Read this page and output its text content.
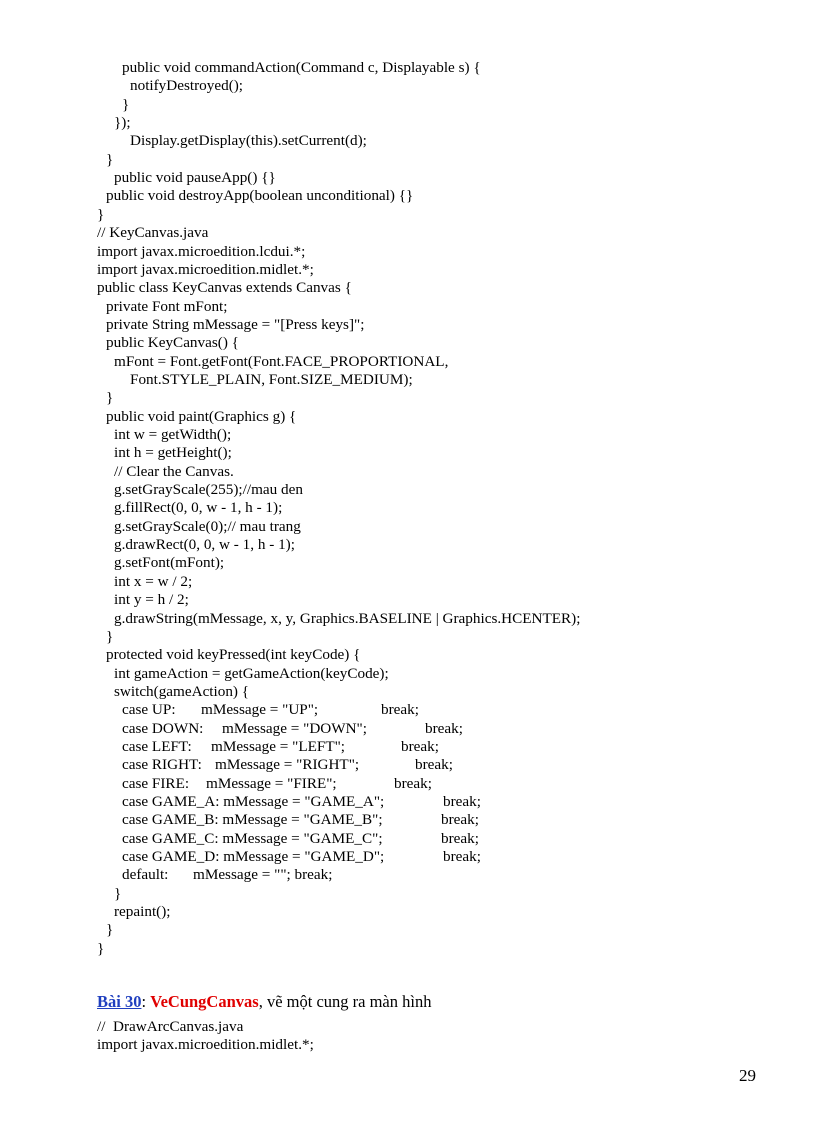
public void commandAction(Command c, Displayable s) {
notifyDestroyed();
}
});
Display.getDisplay(this).setCurrent(d);
}
public void pauseApp() {}
public void destroyApp(boolean unconditional) {}
}
// KeyCanvas.java
import javax.microedition.lcdui.*;
import javax.microedition.midlet.*;
public class KeyCanvas extends Canvas {
private Font mFont;
private String mMessage = "[Press keys]";
public KeyCanvas() {
mFont = Font.getFont(Font.FACE_PROPORTIONAL,
Font.STYLE_PLAIN, Font.SIZE_MEDIUM);
}
public void paint(Graphics g) {
int w = getWidth();
int h = getHeight();
// Clear the Canvas.
g.setGrayScale(255);//mau den
g.fillRect(0, 0, w - 1, h - 1);
g.setGrayScale(0);// mau trang
g.drawRect(0, 0, w - 1, h - 1);
g.setFont(mFont);
int x = w / 2;
int y = h / 2;
g.drawString(mMessage, x, y, Graphics.BASELINE | Graphics.HCENTER);
}
protected void keyPressed(int keyCode) {
int gameAction = getGameAction(keyCode);
switch(gameAction) {
case UP: mMessage = "UP";	break;
case DOWN: mMessage = "DOWN";	break;
case LEFT: mMessage = "LEFT";	break;
case RIGHT: mMessage = "RIGHT";	break;
case FIRE: mMessage = "FIRE";	break;
case GAME_A: mMessage = "GAME_A";	break;
case GAME_B: mMessage = "GAME_B";	break;
case GAME_C: mMessage = "GAME_C";	break;
case GAME_D: mMessage = "GAME_D";	break;
default: mMessage = ""; break;
}
repaint();
}
}
//  DrawArcCanvas.java
import javax.microedition.midlet.*;
Bài 30: VeCungCanvas, vẽ một cung ra màn hình
29
